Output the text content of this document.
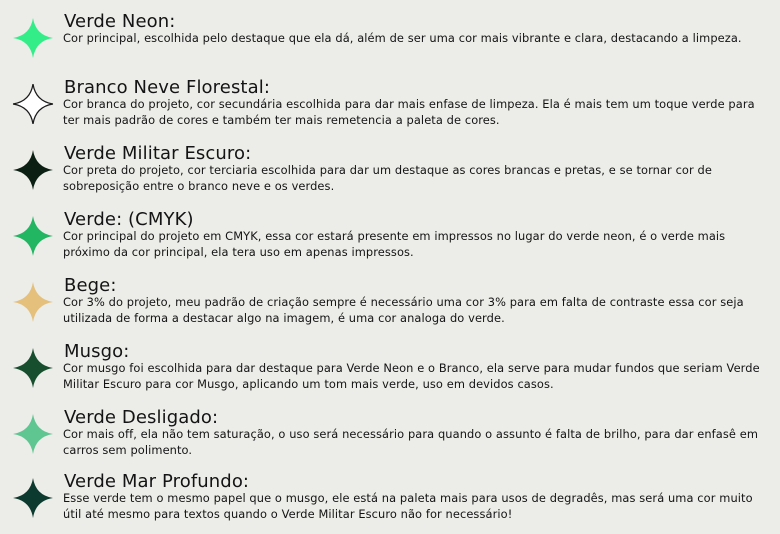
Verde Neon:
Cor principal, escolhida pelo destaque que ela dá, além de ser uma cor mais vibrante e clara, destacando a limpeza.
Branco Neve Florestal:
Cor branca do projeto, cor secundária escolhida para dar mais enfase de limpeza. Ela é mais tem um toque verde para ter mais padrão de cores e também ter mais remetencia a paleta de cores.
Verde Militar Escuro:
Cor preta do projeto, cor terciaria escolhida para dar um destaque as cores brancas e pretas, e se tornar cor de sobreposição entre o branco neve e os verdes.
Verde: (CMYK)
Cor principal do projeto em CMYK, essa cor estará presente em impressos no lugar do verde neon, é o verde mais próximo da cor principal, ela tera uso em apenas impressos.
Bege:
Cor 3% do projeto, meu padrão de criação sempre é necessário uma cor 3% para em falta de contraste essa cor seja utilizada de forma a destacar algo na imagem, é uma cor analoga do verde.
Musgo:
Cor musgo foi escolhida para dar destaque para Verde Neon e o Branco, ela serve para mudar fundos que seriam Verde Militar Escuro para cor Musgo, aplicando um tom mais verde, uso em devidos casos.
Verde Desligado:
Cor mais off, ela não tem saturação, o uso será necessário para quando o assunto é falta de brilho, para dar enfasê em carros sem polimento.
Verde Mar Profundo:
Esse verde tem o mesmo papel que o musgo, ele está na paleta mais para usos de degradês, mas será uma cor muito útil até mesmo para textos quando o Verde Militar Escuro não for necessário!
